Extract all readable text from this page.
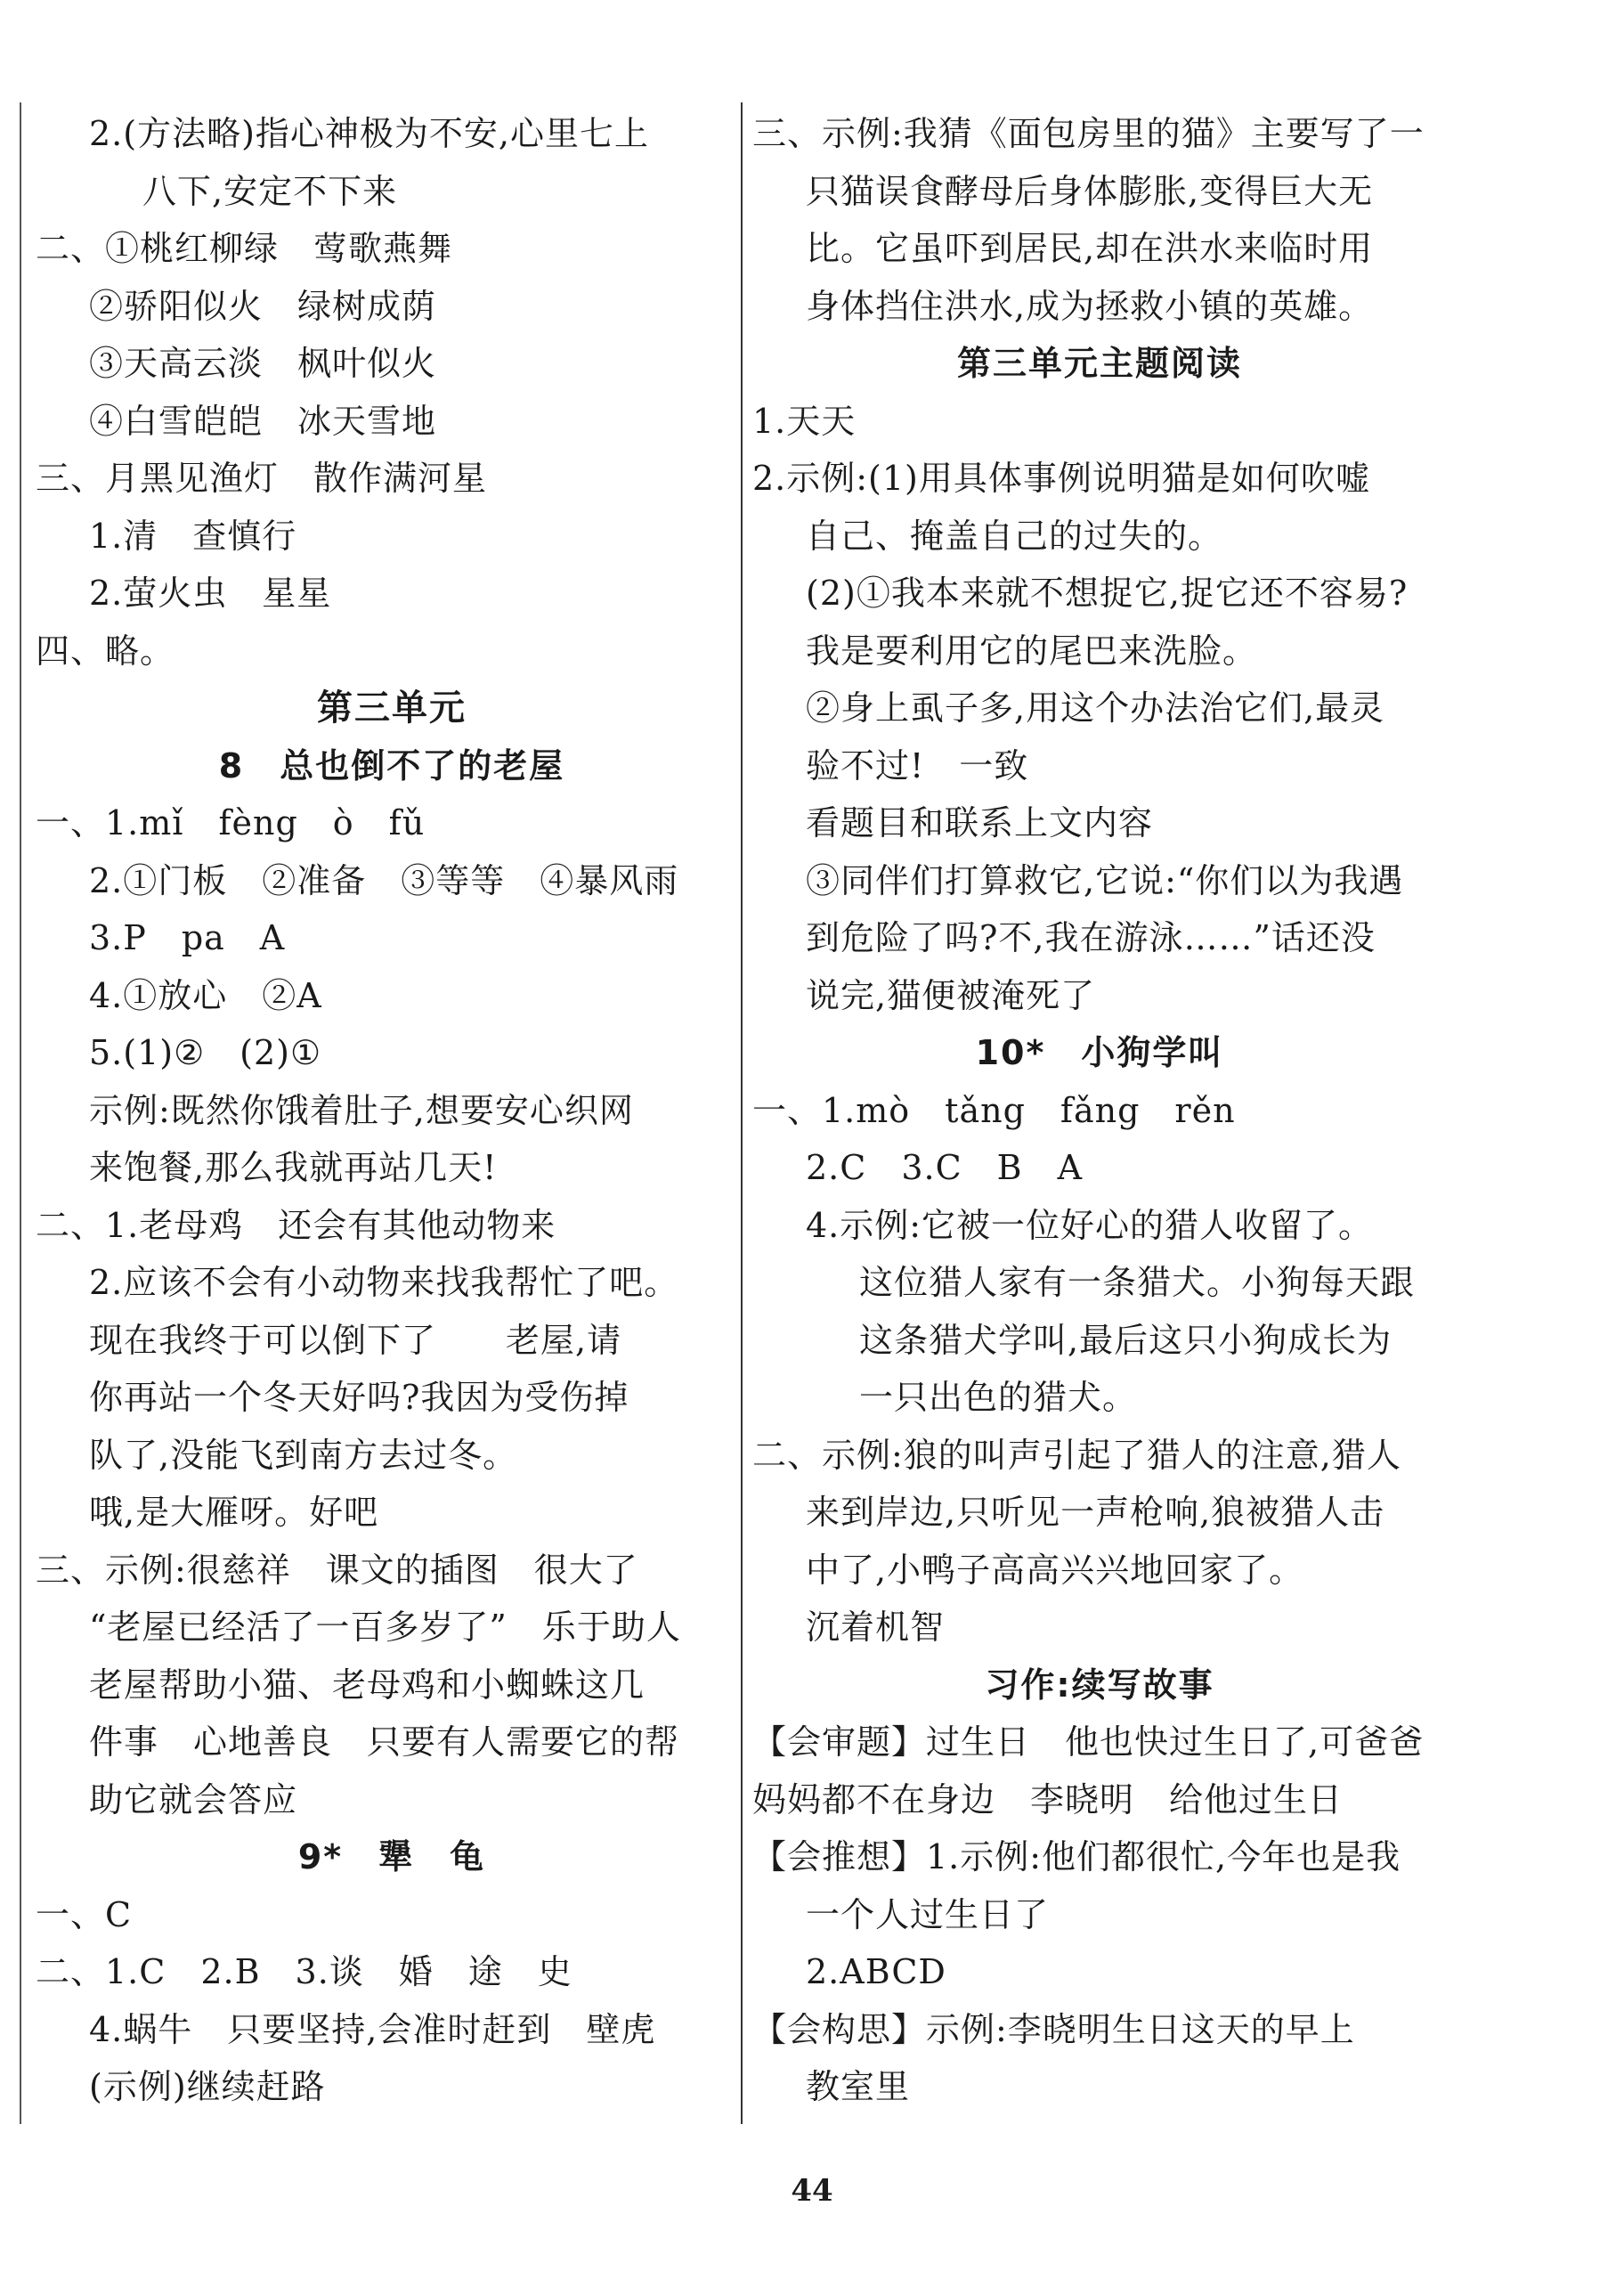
2.(方法略)指心神极为不安,心里七上
八下,安定不下来
二、①桃红柳绿　莺歌燕舞
②骄阳似火　绿树成荫
③天高云淡　枫叶似火
④白雪皑皑　冰天雪地
三、月黑见渔灯　散作满河星
1.清　查慎行
2.萤火虫　星星
四、略。
第三单元
8　总也倒不了的老屋
一、1.mǐ　fèng　ò　fǔ
2.①门板　②准备　③等等　④暴风雨
3.P　pa　A
4.①放心　②A
5.(1)②　(2)①
示例:既然你饿着肚子,想要安心织网
来饱餐,那么我就再站几天!
二、1.老母鸡　还会有其他动物来
2.应该不会有小动物来找我帮忙了吧。
现在我终于可以倒下了　　老屋,请
你再站一个冬天好吗?我因为受伤掉
队了,没能飞到南方去过冬。
哦,是大雁呀。好吧
三、示例:很慈祥　课文的插图　很大了
“老屋已经活了一百多岁了”　乐于助人
老屋帮助小猫、老母鸡和小蜘蛛这几
件事　心地善良　只要有人需要它的帮
助它就会答应
9*　犟　龟
一、C
二、1.C　2.B　3.谈　婚　途　史
4.蜗牛　只要坚持,会准时赶到　壁虎
(示例)继续赶路
三、示例:我猜《面包房里的猫》主要写了一
只猫误食酵母后身体膨胀,变得巨大无
比。它虽吓到居民,却在洪水来临时用
身体挡住洪水,成为拯救小镇的英雄。
第三单元主题阅读
1.天天
2.示例:(1)用具体事例说明猫是如何吹嘘
自己、掩盖自己的过失的。
(2)①我本来就不想捉它,捉它还不容易?
我是要利用它的尾巴来洗脸。
②身上虱子多,用这个办法治它们,最灵
验不过!　一致
看题目和联系上文内容
③同伴们打算救它,它说:“你们以为我遇
到危险了吗?不,我在游泳……”话还没
说完,猫便被淹死了
10*　小狗学叫
一、1.mò　tǎng　fǎng　rěn
2.C　3.C　B　A
4.示例:它被一位好心的猎人收留了。
这位猎人家有一条猎犬。小狗每天跟
这条猎犬学叫,最后这只小狗成长为
一只出色的猎犬。
二、示例:狼的叫声引起了猎人的注意,猎人
来到岸边,只听见一声枪响,狼被猎人击
中了,小鸭子高高兴兴地回家了。
沉着机智
习作:续写故事
【会审题】过生日　他也快过生日了,可爸爸
妈妈都不在身边　李晓明　给他过生日
【会推想】1.示例:他们都很忙,今年也是我
一个人过生日了
2.ABCD
【会构思】示例:李晓明生日这天的早上
教室里
44
